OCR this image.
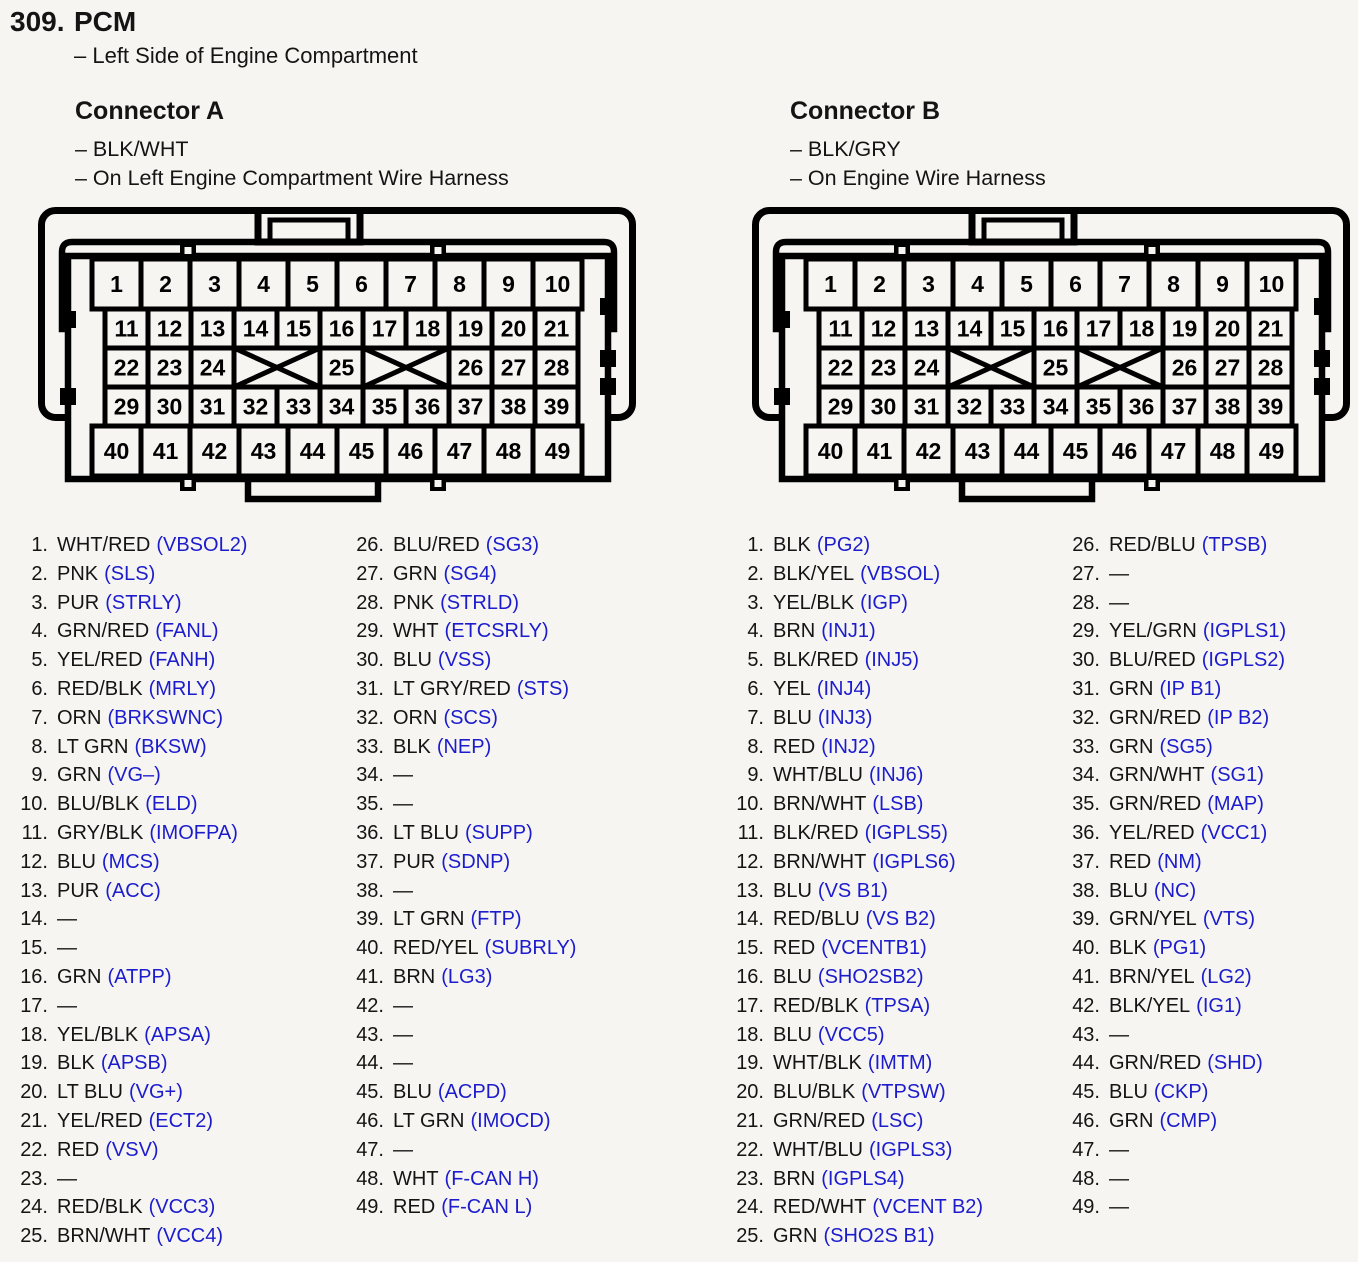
309. PCM
– Left Side of Engine Compartment
Connector A
– BLK/WHT
– On Left Engine Compartment Wire Harness
Connector B
– BLK/GRY
– On Engine Wire Harness
1 2 3 4 5 6 7 8 9 10
11 12 13 14 15 16 17 18 19 20 21
22 23 24	25	26 27 28
29 30 31 32 33 34 35 36 37 38 39
40 41 42 43 44 45 46 47 48 49
1 2 3 4 5 6 7 8 9 10
11 12 13 14 15 16 17 18 19 20 21
22 23 24	25	26 27 28
29 30 31 32 33 34 35 36 37 38 39
40 41 42 43 44 45 46 47 48 49
1. WHT/RED (VBSOL2)
2. PNK (SLS)
3. PUR (STRLY)
4. GRN/RED (FANL)
5. YEL/RED (FANH)
6. RED/BLK (MRLY)
7. ORN (BRKSWNC)
8. LT GRN (BKSW)
9. GRN (VG–)
10. BLU/BLK (ELD)
11. GRY/BLK (IMOFPA)
12. BLU (MCS)
13. PUR (ACC)
14. —
15. —
16. GRN (ATPP)
17. —
18. YEL/BLK (APSA)
19. BLK (APSB)
20. LT BLU (VG+)
21. YEL/RED (ECT2)
22. RED (VSV)
23. —
24. RED/BLK (VCC3)
25. BRN/WHT (VCC4)
26. BLU/RED (SG3)
27. GRN (SG4)
28. PNK (STRLD)
29. WHT (ETCSRLY)
30. BLU (VSS)
31. LT GRY/RED (STS)
32. ORN (SCS)
33. BLK (NEP)
34. —
35. —
36. LT BLU (SUPP)
37. PUR (SDNP)
38. —
39. LT GRN (FTP)
40. RED/YEL (SUBRLY)
41. BRN (LG3)
42. —
43. —
44. —
45. BLU (ACPD)
46. LT GRN (IMOCD)
47. —
48. WHT (F-CAN H)
49. RED (F-CAN L)
1. BLK (PG2)
2. BLK/YEL (VBSOL)
3. YEL/BLK (IGP)
4. BRN (INJ1)
5. BLK/RED (INJ5)
6. YEL (INJ4)
7. BLU (INJ3)
8. RED (INJ2)
9. WHT/BLU (INJ6)
10. BRN/WHT (LSB)
11. BLK/RED (IGPLS5)
12. BRN/WHT (IGPLS6)
13. BLU (VS B1)
14. RED/BLU (VS B2)
15. RED (VCENTB1)
16. BLU (SHO2SB2)
17. RED/BLK (TPSA)
18. BLU (VCC5)
19. WHT/BLK (IMTM)
20. BLU/BLK (VTPSW)
21. GRN/RED (LSC)
22. WHT/BLU (IGPLS3)
23. BRN (IGPLS4)
24. RED/WHT (VCENT B2)
25. GRN (SHO2S B1)
26. RED/BLU (TPSB)
27. —
28. —
29. YEL/GRN (IGPLS1)
30. BLU/RED (IGPLS2)
31. GRN (IP B1)
32. GRN/RED (IP B2)
33. GRN (SG5)
34. GRN/WHT (SG1)
35. GRN/RED (MAP)
36. YEL/RED (VCC1)
37. RED (NM)
38. BLU (NC)
39. GRN/YEL (VTS)
40. BLK (PG1)
41. BRN/YEL (LG2)
42. BLK/YEL (IG1)
43. —
44. GRN/RED (SHD)
45. BLU (CKP)
46. GRN (CMP)
47. —
48. —
49. —
